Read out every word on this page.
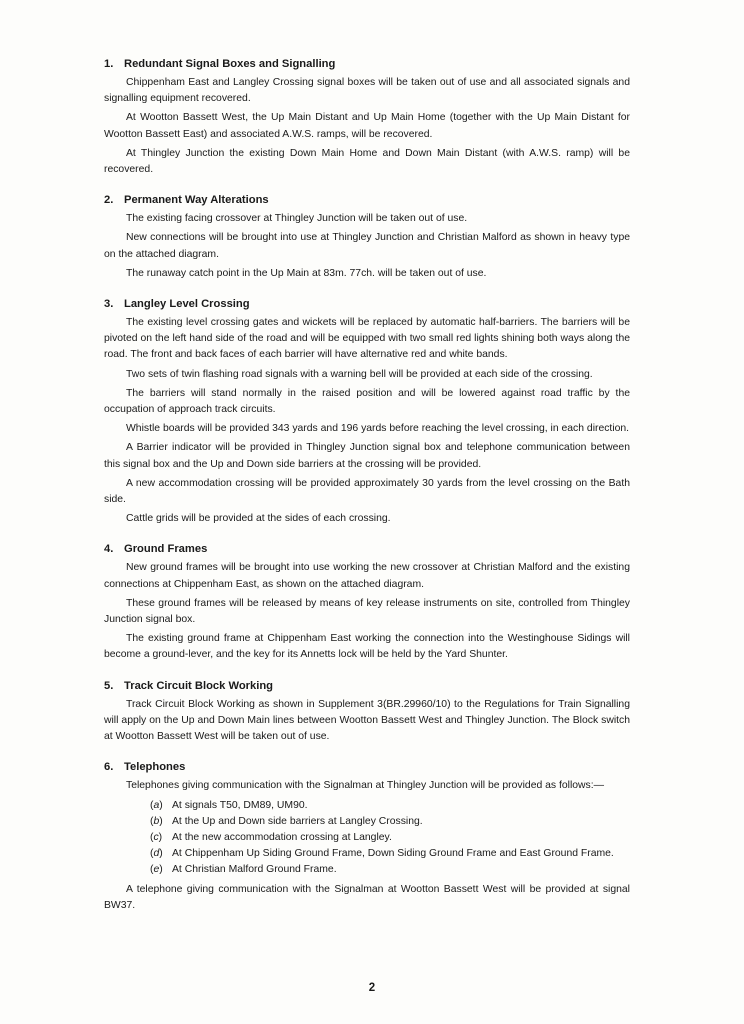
1. Redundant Signal Boxes and Signalling

Chippenham East and Langley Crossing signal boxes will be taken out of use and all associated signals and signalling equipment recovered.

At Wootton Bassett West, the Up Main Distant and Up Main Home (together with the Up Main Distant for Wootton Bassett East) and associated A.W.S. ramps, will be recovered.

At Thingley Junction the existing Down Main Home and Down Main Distant (with A.W.S. ramp) will be recovered.

2. Permanent Way Alterations

The existing facing crossover at Thingley Junction will be taken out of use.

New connections will be brought into use at Thingley Junction and Christian Malford as shown in heavy type on the attached diagram.

The runaway catch point in the Up Main at 83m. 77ch. will be taken out of use.

3. Langley Level Crossing

The existing level crossing gates and wickets will be replaced by automatic half-barriers. The barriers will be pivoted on the left hand side of the road and will be equipped with two small red lights shining both ways along the road. The front and back faces of each barrier will have alternative red and white bands.

Two sets of twin flashing road signals with a warning bell will be provided at each side of the crossing.

The barriers will stand normally in the raised position and will be lowered against road traffic by the occupation of approach track circuits.

Whistle boards will be provided 343 yards and 196 yards before reaching the level crossing, in each direction.

A Barrier indicator will be provided in Thingley Junction signal box and telephone communication between this signal box and the Up and Down side barriers at the crossing will be provided.

A new accommodation crossing will be provided approximately 30 yards from the level crossing on the Bath side.

Cattle grids will be provided at the sides of each crossing.

4. Ground Frames

New ground frames will be brought into use working the new crossover at Christian Malford and the existing connections at Chippenham East, as shown on the attached diagram.

These ground frames will be released by means of key release instruments on site, controlled from Thingley Junction signal box.

The existing ground frame at Chippenham East working the connection into the Westinghouse Sidings will become a ground-lever, and the key for its Annetts lock will be held by the Yard Shunter.

5. Track Circuit Block Working

Track Circuit Block Working as shown in Supplement 3(BR.29960/10) to the Regulations for Train Signalling will apply on the Up and Down Main lines between Wootton Bassett West and Thingley Junction. The Block switch at Wootton Bassett West will be taken out of use.

6. Telephones

Telephones giving communication with the Signalman at Thingley Junction will be provided as follows:—

(a) At signals T50, DM89, UM90.
(b) At the Up and Down side barriers at Langley Crossing.
(c) At the new accommodation crossing at Langley.
(d) At Chippenham Up Siding Ground Frame, Down Siding Ground Frame and East Ground Frame.
(e) At Christian Malford Ground Frame.

A telephone giving communication with the Signalman at Wootton Bassett West will be provided at signal BW37.

2
